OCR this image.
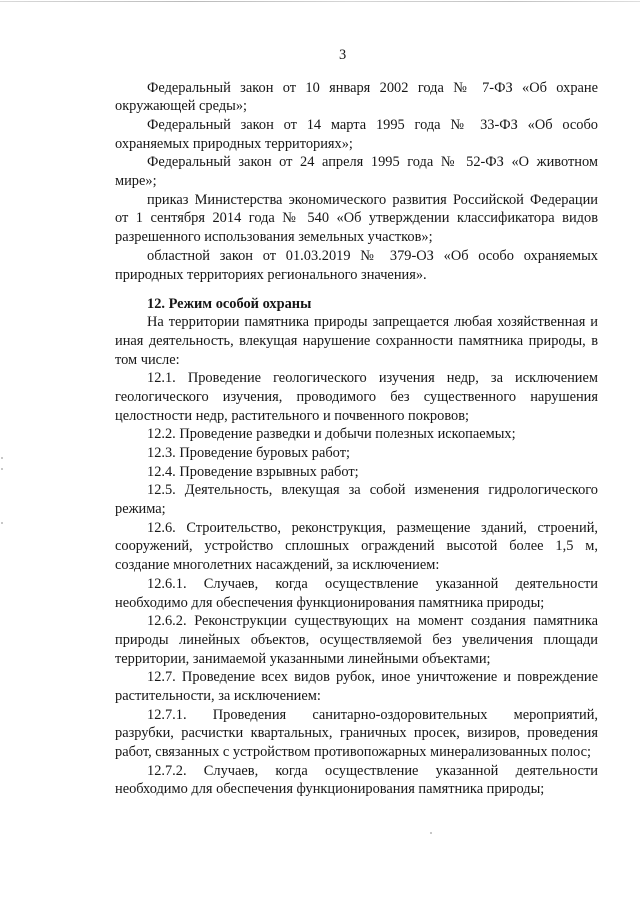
3
Федеральный закон от 10 января 2002 года № 7-ФЗ «Об охране
окружающей среды»;
Федеральный закон от 14 марта 1995 года № 33-ФЗ «Об особо
охраняемых природных территориях»;
Федеральный закон от 24 апреля 1995 года № 52-ФЗ «О животном
мире»;
приказ Министерства экономического развития Российской Федерации
от 1 сентября 2014 года № 540 «Об утверждении классификатора видов
разрешенного использования земельных участков»;
областной закон от 01.03.2019 № 379-ОЗ «Об особо охраняемых
природных территориях регионального значения».
12. Режим особой охраны
На территории памятника природы запрещается любая хозяйственная и
иная деятельность, влекущая нарушение сохранности памятника природы, в
том числе:
12.1. Проведение геологического изучения недр, за исключением
геологического изучения, проводимого без существенного нарушения
целостности недр, растительного и почвенного покровов;
12.2. Проведение разведки и добычи полезных ископаемых;
12.3. Проведение буровых работ;
12.4. Проведение взрывных работ;
12.5. Деятельность, влекущая за собой изменения гидрологического
режима;
12.6. Строительство, реконструкция, размещение зданий, строений,
сооружений, устройство сплошных ограждений высотой более 1,5 м,
создание многолетних насаждений, за исключением:
12.6.1. Случаев, когда осуществление указанной деятельности
необходимо для обеспечения функционирования памятника природы;
12.6.2. Реконструкции существующих на момент создания памятника
природы линейных объектов, осуществляемой без увеличения площади
территории, занимаемой указанными линейными объектами;
12.7. Проведение всех видов рубок, иное уничтожение и повреждение
растительности, за исключением:
12.7.1. Проведения санитарно-оздоровительных мероприятий,
разрубки, расчистки квартальных, граничных просек, визиров, проведения
работ, связанных с устройством противопожарных минерализованных полос;
12.7.2. Случаев, когда осуществление указанной деятельности
необходимо для обеспечения функционирования памятника природы;
